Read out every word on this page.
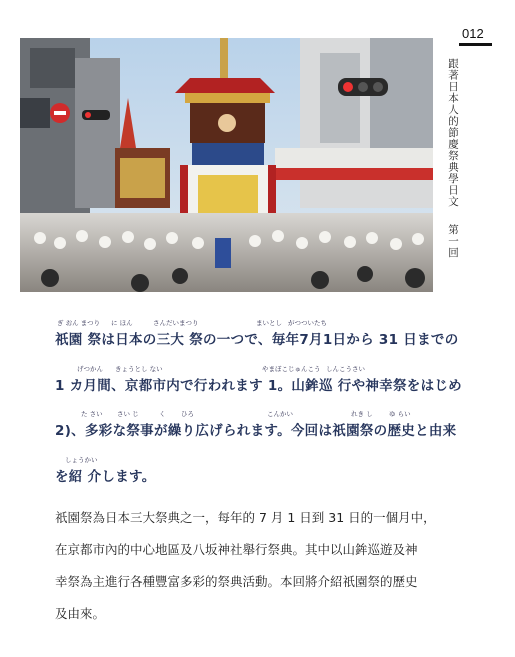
012
跟著日本人的節慶祭典學日文第一回
ぎ おん まつり に ほん	さんだいまつり	まいとし がつついたち
祇園 祭は日本の三大 祭の一つで、毎年7月1日から 31 日までの
げつかん きょうとし ない	やまぼこじゅんこう しんこうさい
1 カ月間、京都市内で行われます 1。山鉾巡 行や神幸祭をはじめ
た さい さい じ	く ひろ	こんかい	れき し	ゆ らい
2)、多彩な祭事が繰り広げられます。今回は祇園祭の歴史と由来
しょうかい
を紹 介します。

祇園祭為日本三大祭典之一，每年的 7 月 1 日到 31 日的一個月中，

在京都市內的中心地區及八坂神社舉行祭典。其中以山鉾巡遊及神

幸祭為主進行各種豐富多彩的祭典活動。本回將介紹祇園祭的歷史

及由來。
